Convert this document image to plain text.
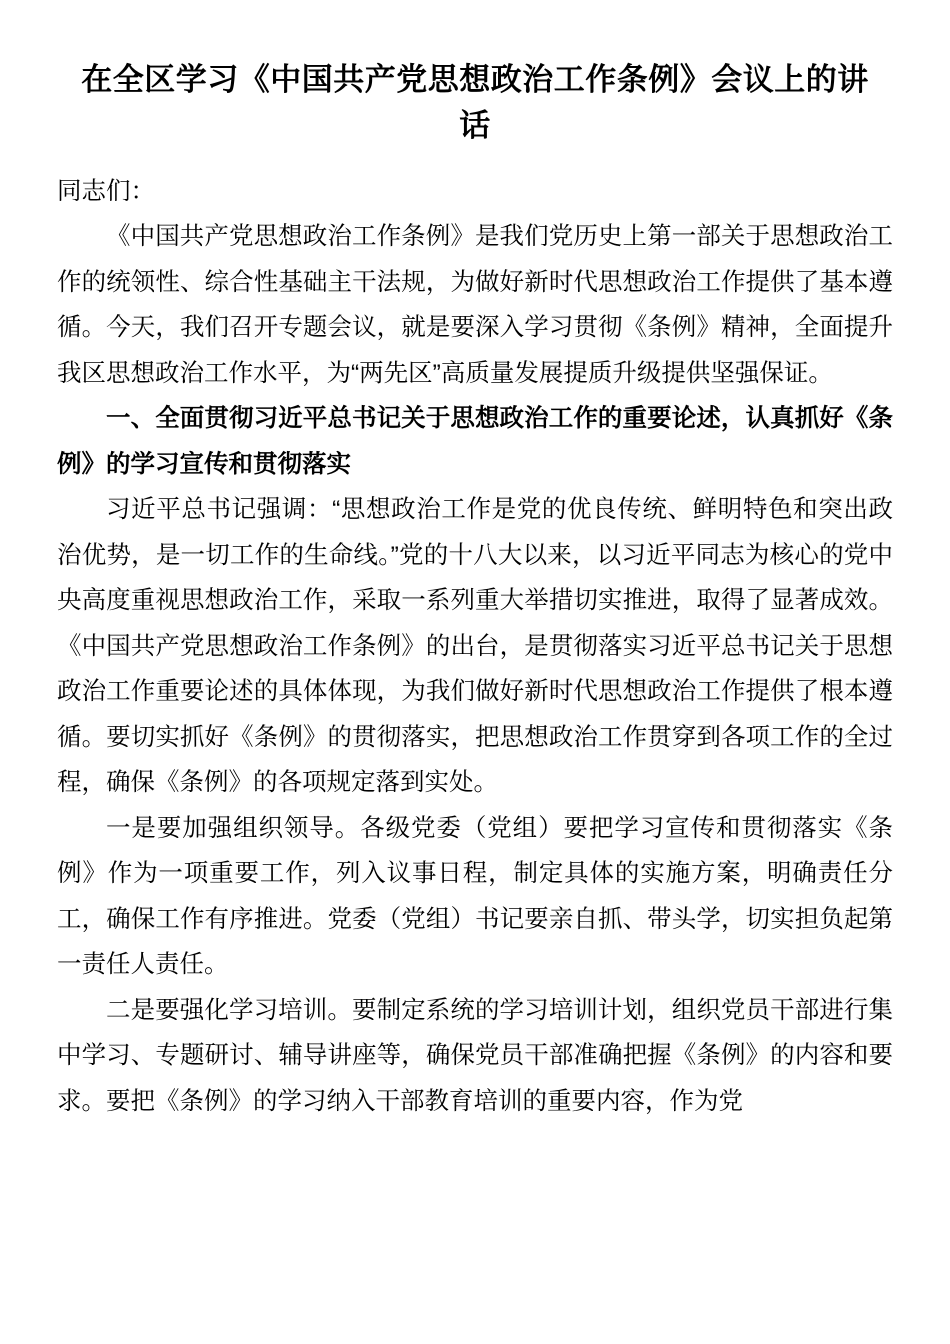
在全区学习《中国共产党思想政治工作条例》会议上的讲话

同志们：

《中国共产党思想政治工作条例》是我们党历史上第一部关于思想政治工作的统领性、综合性基础主干法规，为做好新时代思想政治工作提供了基本遵循。今天，我们召开专题会议，就是要深入学习贯彻《条例》精神，全面提升我区思想政治工作水平，为“两先区”高质量发展提质升级提供坚强保证。

一、全面贯彻习近平总书记关于思想政治工作的重要论述，认真抓好《条例》的学习宣传和贯彻落实

习近平总书记强调：“思想政治工作是党的优良传统、鲜明特色和突出政治优势，是一切工作的生命线。”党的十八大以来，以习近平同志为核心的党中央高度重视思想政治工作，采取一系列重大举措切实推进，取得了显著成效。《中国共产党思想政治工作条例》的出台，是贯彻落实习近平总书记关于思想政治工作重要论述的具体体现，为我们做好新时代思想政治工作提供了根本遵循。要切实抓好《条例》的贯彻落实，把思想政治工作贯穿到各项工作的全过程，确保《条例》的各项规定落到实处。

一是要加强组织领导。各级党委（党组）要把学习宣传和贯彻落实《条例》作为一项重要工作，列入议事日程，制定具体的实施方案，明确责任分工，确保工作有序推进。党委（党组）书记要亲自抓、带头学，切实担负起第一责任人责任。

二是要强化学习培训。要制定系统的学习培训计划，组织党员干部进行集中学习、专题研讨、辅导讲座等，确保党员干部准确把握《条例》的内容和要求。要把《条例》的学习纳入干部教育培训的重要内容，作为党
